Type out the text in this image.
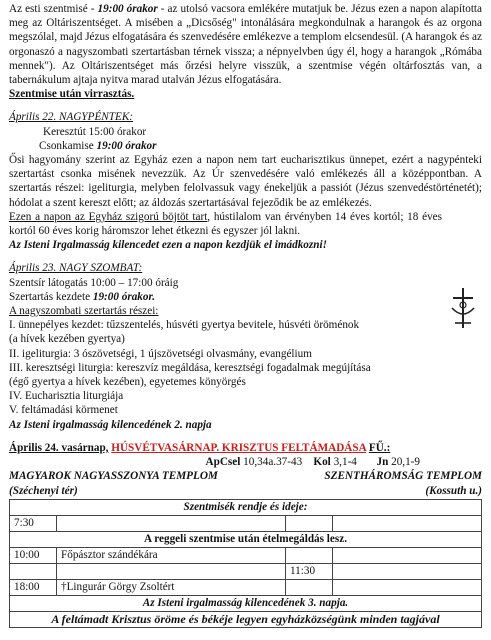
Az esti szentmisé - 19:00 órakor - az utolsó vacsora emlékére mutatjuk be. Jézus ezen a napon alapította meg az Oltáriszentséget. A misében a „Dicsőség" intonálására megkondulnak a harangok és az orgona megszólal, majd Jézus elfogatására és szenvedésére emlékezve a templom elcsendesül. (A harangok és az orgonaszó a nagyszombati szertartásban térnek vissza; a népnyelvben úgy él, hogy a harangok „Rómába mennek"). Az Oltáriszentséget más őrzési helyre visszük, a szentmise végén oltárfosztás van, a tabernákulum ajtaja nyitva marad utalván Jézus elfogatására.

Szentmise után virrasztás.

Április 22. NAGYPÉNTEK:

Keresztút 15:00 órakor

Csonkamise 19:00 órakor

Ősi hagyomány szerint az Egyház ezen a napon nem tart eucharisztikus ünnepet, ezért a nagypénteki szertartást csonka misének nevezzük. Az Úr szenvedésére való emlékezés áll a középpontban. A szertartás részei: igeliturgia, melyben felolvassuk vagy énekeljük a passiót (Jézus szenvedéstörténetét); hódolat a szent kereszt előtt; az áldozás szertartásával fejeződik be az emlékezés.

Ezen a napon az Egyház szigorú böjtöt tart, hústilalom van érvényben 14 éves kortól; 18 éves kortól 60 éves korig háromszor lehet étkezni és egyszer jól lakni.

Az Isteni Irgalmasság kilencedet ezen a napon kezdjük el imádkozni!

Április 23. NAGY SZOMBAT:

Szentsír látogatás 10:00 – 17:00 óráig

Szertartás kezdete 19:00 órakor.

A nagyszombati szertartás részei:

I. ünnepélyes kezdet: tűzszentelés, húsvéti gyertya bevitele, húsvéti öröménok

(a hívek kezében gyertya)

II. igeliturgia: 3 ószövetségi, 1 újszövetségi olvasmány, evangélium

III. keresztségi liturgia: kereszvíz megáldása, keresztségi fogadalmak megújítása

(égő gyertya a hívek kezében), egyetemes könyörgés

IV. Eucharisztia liturgiája

V. feltámadási körmenet

Az Isteni irgalmasság kilencedének 2. napja

Április 24. vasárnap, HÚSVÉTVASÁRNAP. KRISZTUS FELTÁMADÁSA FŰ.:

ApCsel 10,34a.37-43 Kol 3,1-4 Jn 20,1-9

MAGYAROK NAGYASSZONYA TEMPLOM	SZENTHÁROMSÁG TEMPLOM
(Széchenyi tér)	(Kossuth u.)
Szentmisék rendje és ideje:			
7:30			
A reggeli szentmise után ételmegáldás lesz.			
10:00	Főpásztor szándékára		
		11:30	
18:00	†Lingurár Görgy Zsoltért		
Az Isteni irgalmasság kilencedének 3. napja.			
A feltámadt Krisztus öröme és békéje legyen egyházközségünk minden tagjával			
